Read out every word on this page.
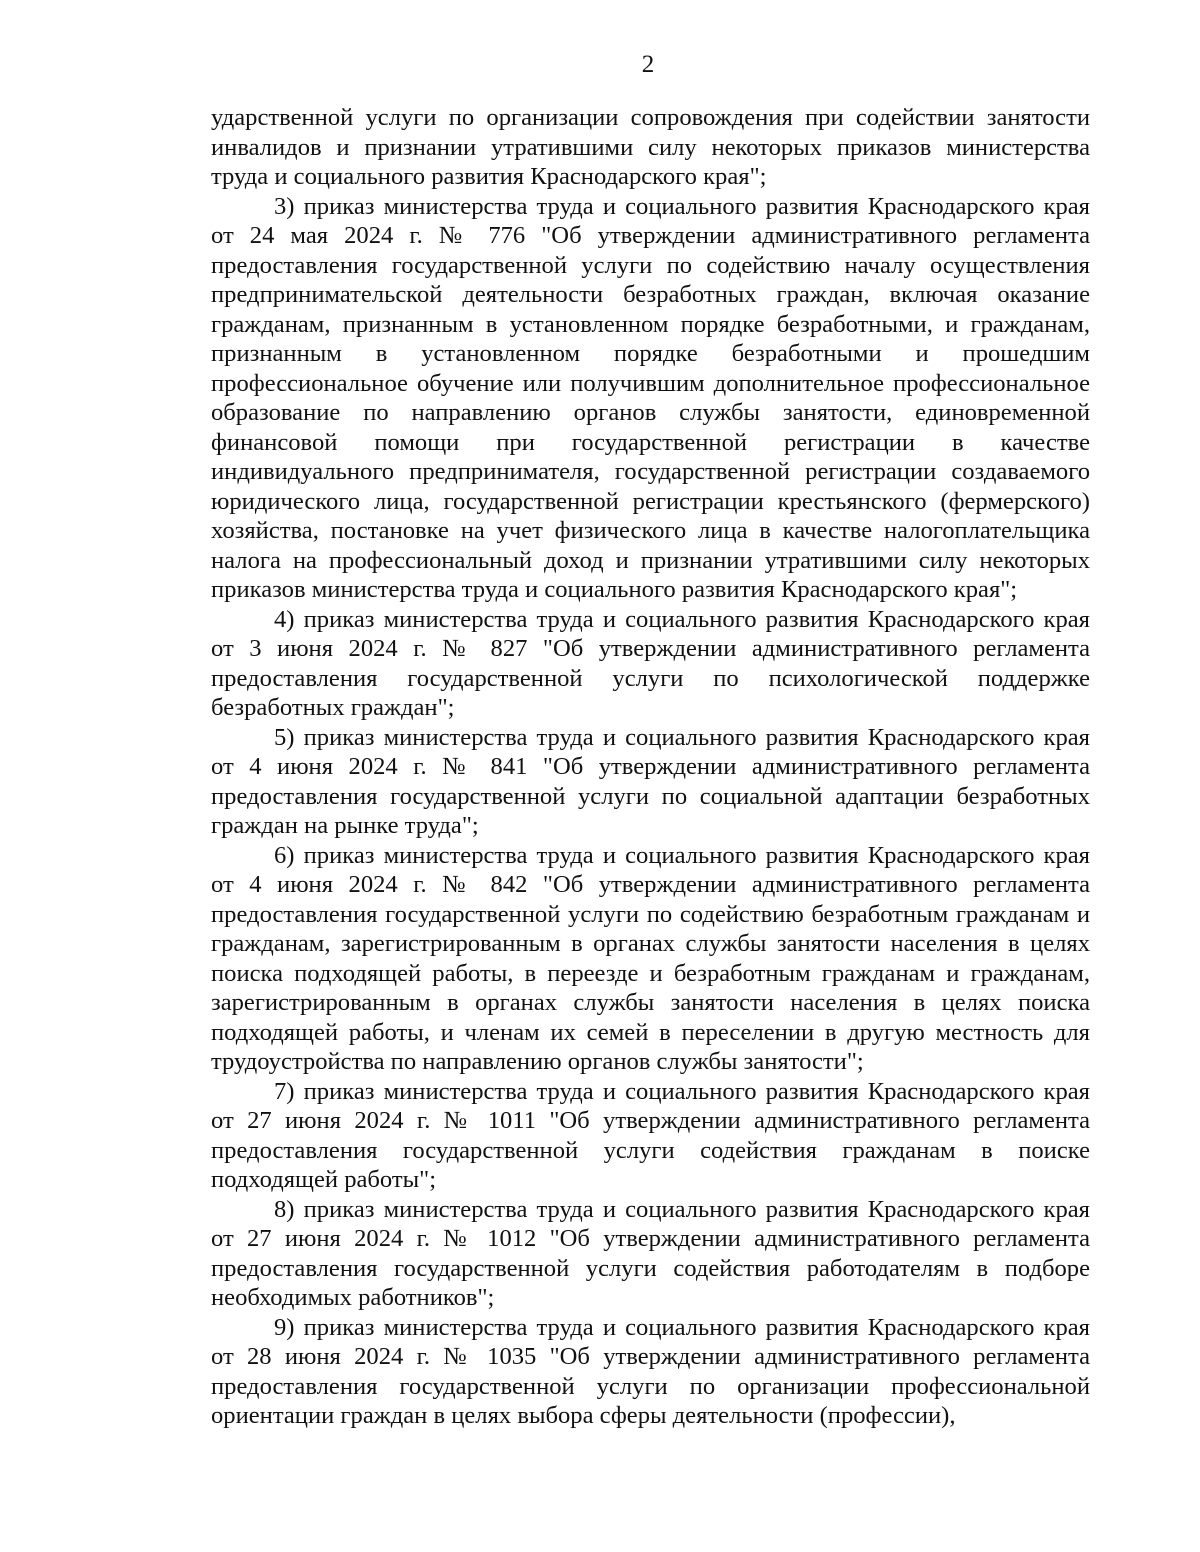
2

ударственной услуги по организации сопровождения при содействии занятости инвалидов и признании утратившими силу некоторых приказов министерства труда и социального развития Краснодарского края";

3) приказ министерства труда и социального развития Краснодарского края от 24 мая 2024 г. № 776 "Об утверждении административного регламента предоставления государственной услуги по содействию началу осуществления предпринимательской деятельности безработных граждан, включая оказание гражданам, признанным в установленном порядке безработными, и гражданам, признанным в установленном порядке безработными и прошедшим профессиональное обучение или получившим дополнительное профессиональное образование по направлению органов службы занятости, единовременной финансовой помощи при государственной регистрации в качестве индивидуального предпринимателя, государственной регистрации создаваемого юридического лица, государственной регистрации крестьянского (фермерского) хозяйства, постановке на учет физического лица в качестве налогоплательщика налога на профессиональный доход и признании утратившими силу некоторых приказов министерства труда и социального развития Краснодарского края";

4) приказ министерства труда и социального развития Краснодарского края от 3 июня 2024 г. № 827 "Об утверждении административного регламента предоставления государственной услуги по психологической поддержке безработных граждан";

5) приказ министерства труда и социального развития Краснодарского края от 4 июня 2024 г. № 841 "Об утверждении административного регламента предоставления государственной услуги по социальной адаптации безработных граждан на рынке труда";

6) приказ министерства труда и социального развития Краснодарского края от 4 июня 2024 г. № 842 "Об утверждении административного регламента предоставления государственной услуги по содействию безработным гражданам и гражданам, зарегистрированным в органах службы занятости населения в целях поиска подходящей работы, в переезде и безработным гражданам и гражданам, зарегистрированным в органах службы занятости населения в целях поиска подходящей работы, и членам их семей в переселении в другую местность для трудоустройства по направлению органов службы занятости";

7) приказ министерства труда и социального развития Краснодарского края от 27 июня 2024 г. № 1011 "Об утверждении административного регламента предоставления государственной услуги содействия гражданам в поиске подходящей работы";

8) приказ министерства труда и социального развития Краснодарского края от 27 июня 2024 г. № 1012 "Об утверждении административного регламента предоставления государственной услуги содействия работодателям в подборе необходимых работников";

9) приказ министерства труда и социального развития Краснодарского края от 28 июня 2024 г. № 1035 "Об утверждении административного регламента предоставления государственной услуги по организации профессиональной ориентации граждан в целях выбора сферы деятельности (профессии),
